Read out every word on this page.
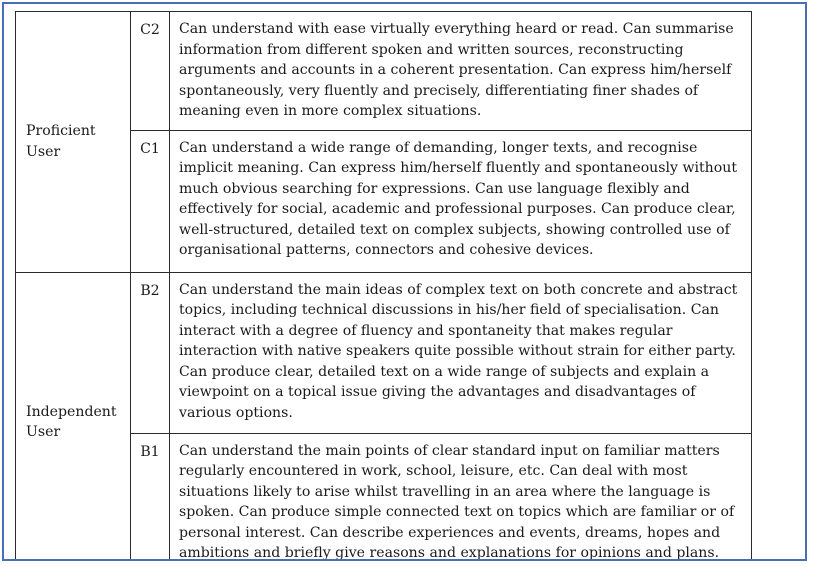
Proficient User	C2	Can understand with ease virtually everything heard or read. Can summarise information from different spoken and written sources, reconstructing arguments and accounts in a coherent presentation. Can express him/herself spontaneously, very fluently and precisely, differentiating finer shades of meaning even in more complex situations.
	C1	Can understand a wide range of demanding, longer texts, and recognise implicit meaning. Can express him/herself fluently and spontaneously without much obvious searching for expressions. Can use language flexibly and effectively for social, academic and professional purposes. Can produce clear, well-structured, detailed text on complex subjects, showing controlled use of organisational patterns, connectors and cohesive devices.
Independent User	B2	Can understand the main ideas of complex text on both concrete and abstract topics, including technical discussions in his/her field of specialisation. Can interact with a degree of fluency and spontaneity that makes regular interaction with native speakers quite possible without strain for either party. Can produce clear, detailed text on a wide range of subjects and explain a viewpoint on a topical issue giving the advantages and disadvantages of various options.
	B1	Can understand the main points of clear standard input on familiar matters regularly encountered in work, school, leisure, etc. Can deal with most situations likely to arise whilst travelling in an area where the language is spoken. Can produce simple connected text on topics which are familiar or of personal interest. Can describe experiences and events, dreams, hopes and ambitions and briefly give reasons and explanations for opinions and plans.
